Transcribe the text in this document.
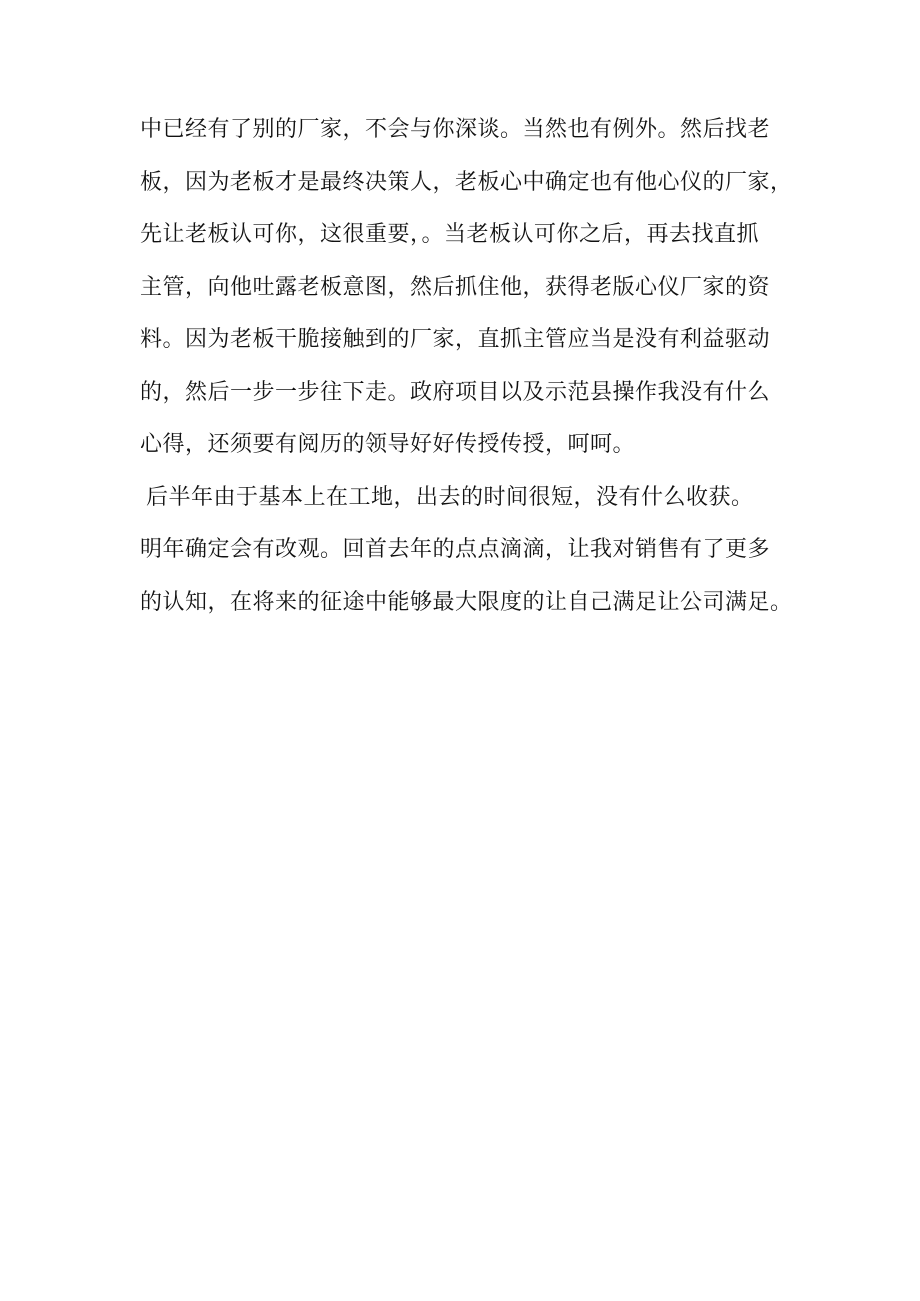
中已经有了别的厂家，不会与你深谈。当然也有例外。然后找老
板，因为老板才是最终决策人，老板心中确定也有他心仪的厂家，
先让老板认可你，这很重要，。当老板认可你之后，再去找直抓
主管，向他吐露老板意图，然后抓住他，获得老版心仪厂家的资
料。因为老板干脆接触到的厂家，直抓主管应当是没有利益驱动
的，然后一步一步往下走。政府项目以及示范县操作我没有什么
心得，还须要有阅历的领导好好传授传授，呵呵。
后半年由于基本上在工地，出去的时间很短，没有什么收获。
明年确定会有改观。回首去年的点点滴滴，让我对销售有了更多
的认知，在将来的征途中能够最大限度的让自己满足让公司满足。
